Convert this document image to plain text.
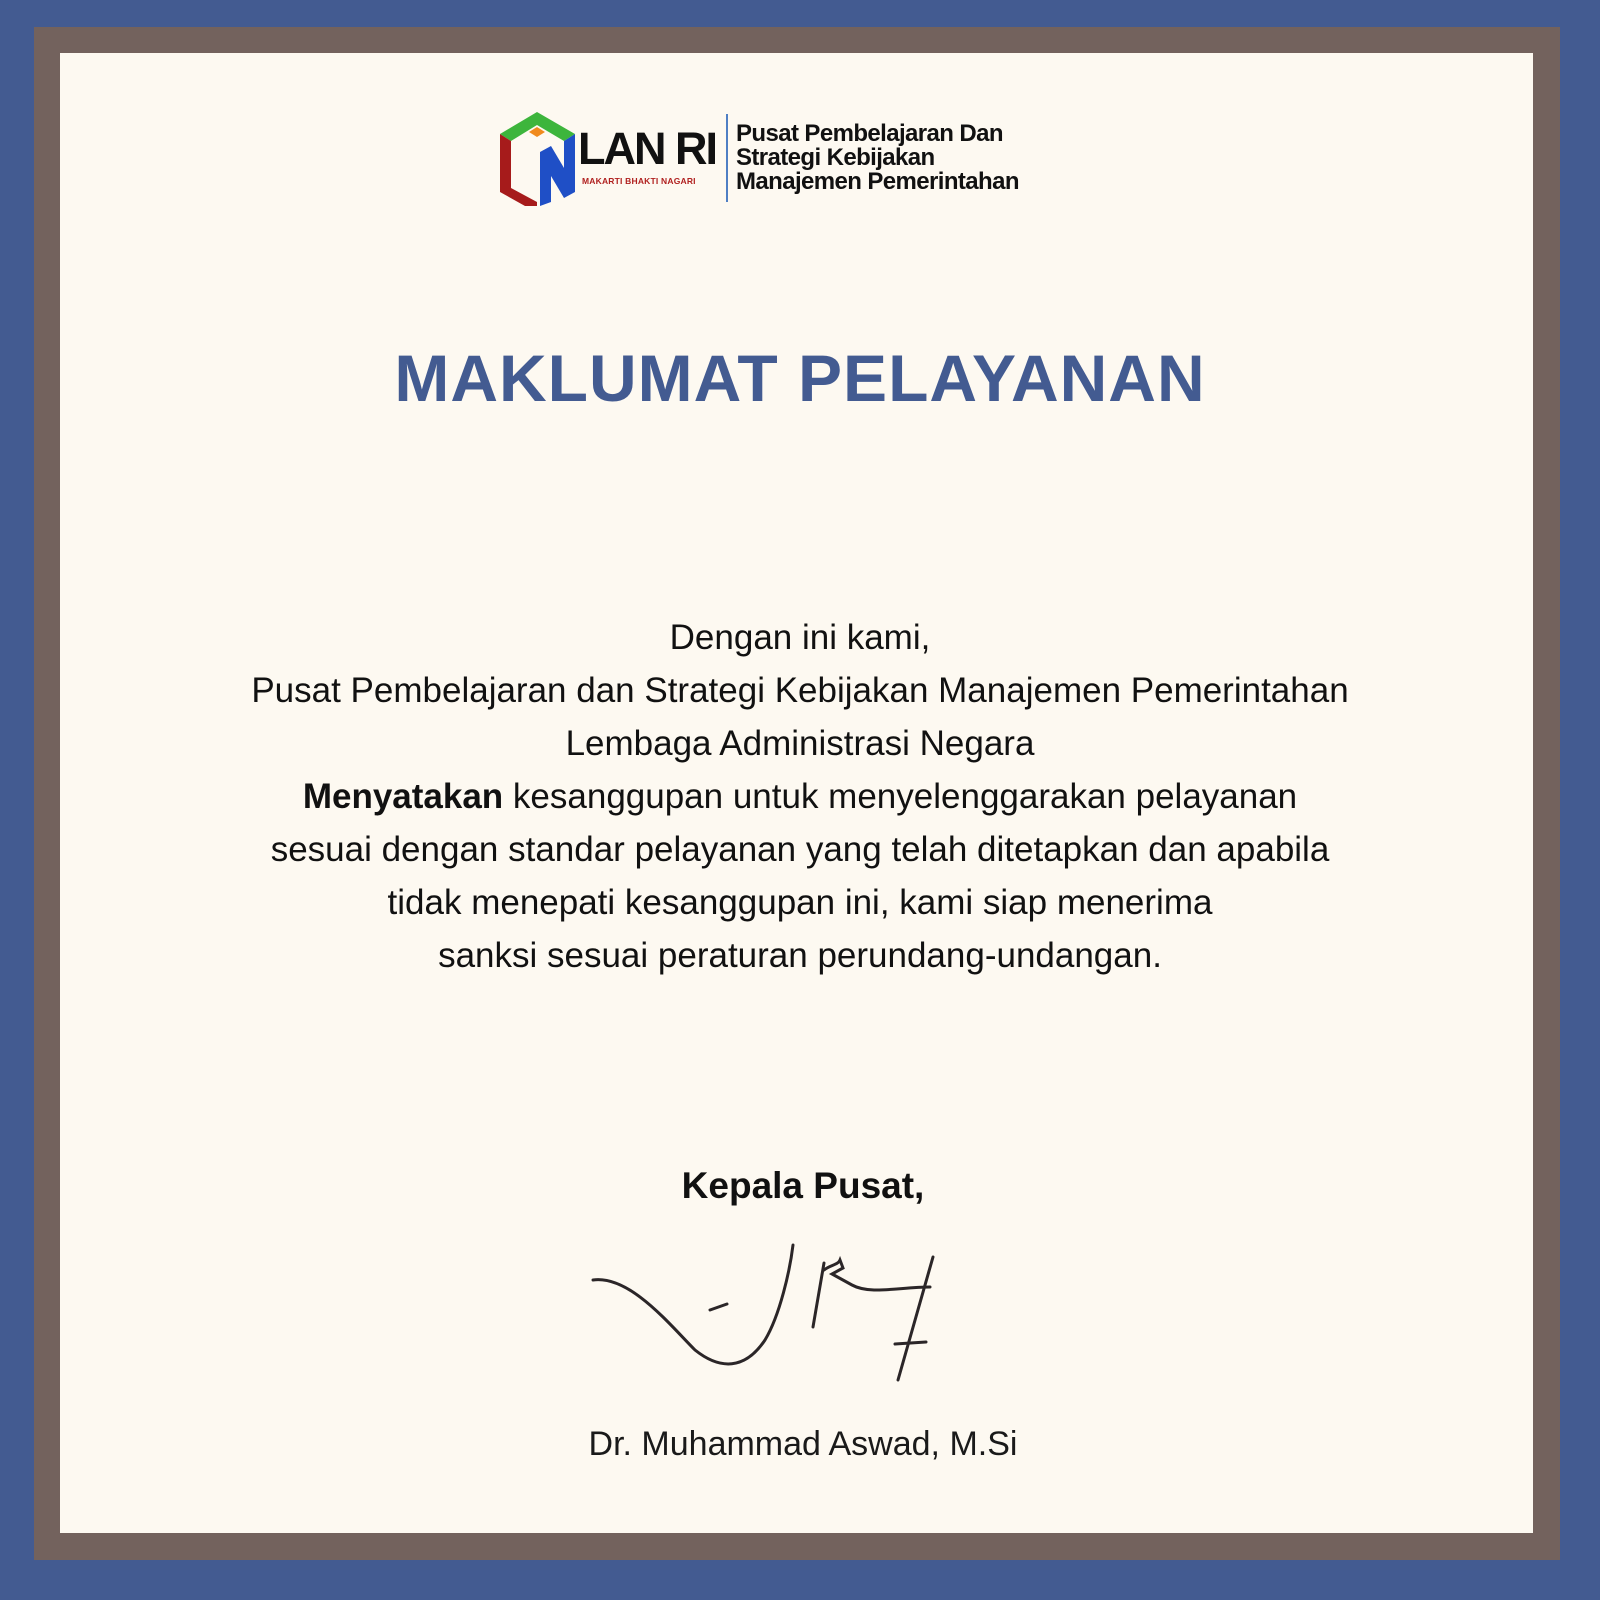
LAN RI
MAKARTI BHAKTI NAGARI
Pusat Pembelajaran Dan
Strategi Kebijakan
Manajemen Pemerintahan
MAKLUMAT PELAYANAN
Dengan ini kami,
Pusat Pembelajaran dan Strategi Kebijakan Manajemen Pemerintahan
Lembaga Administrasi Negara
Menyatakan kesanggupan untuk menyelenggarakan pelayanan
sesuai dengan standar pelayanan yang telah ditetapkan dan apabila
tidak menepati kesanggupan ini, kami siap menerima
sanksi sesuai peraturan perundang-undangan.
Kepala Pusat,
Dr. Muhammad Aswad, M.Si
